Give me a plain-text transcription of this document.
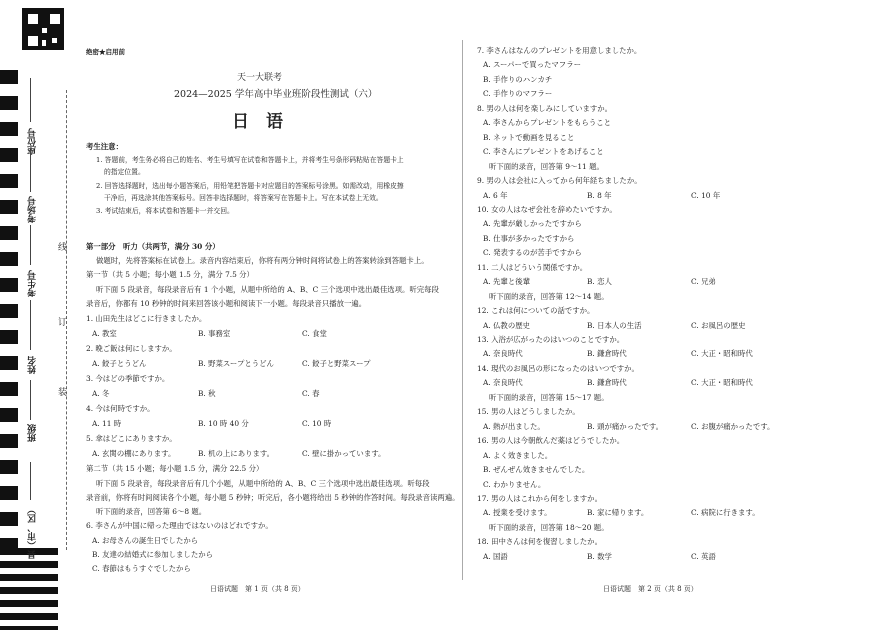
座位号
考场号
考生号
姓名
班级
县（市、区）
线
订
装
绝密★启用前
天一大联考
2024—2025 学年高中毕业班阶段性测试（六）
日　语
考生注意：
1. 答题前，考生务必将自己的姓名、考生号填写在试卷和答题卡上，并将考生号条形码粘贴在答题卡上
的指定位置。
2. 回答选择题时，选出每小题答案后，用铅笔把答题卡对应题目的答案标号涂黑。如需改动，用橡皮擦
干净后，再选涂其他答案标号。回答非选择题时，将答案写在答题卡上。写在本试卷上无效。
3. 考试结束后，将本试卷和答题卡一并交回。
第一部分　听力（共两节，满分 30 分）
做题时，先将答案标在试卷上。录音内容结束后，你将有两分钟时间将试卷上的答案转涂到答题卡上。
第一节（共 5 小题；每小题 1.5 分，满分 7.5 分）
听下面 5 段录音，每段录音后有 1 个小题，从题中所给的 A、B、C 三个选项中选出最佳选项。听完每段
录音后，你都有 10 秒钟的时间来回答该小题和阅读下一小题。每段录音只播放一遍。
1. 山田先生はどこに行きましたか。
A. 教室	B. 事務室	C. 食堂
2. 晩ご飯は何にしますか。
A. 餃子とうどん	B. 野菜スープとうどん	C. 餃子と野菜スープ
3. 今はどの季節ですか。
A. 冬	B. 秋	C. 春
4. 今は何時ですか。
A. 11 時	B. 10 時 40 分	C. 10 時
5. 傘はどこにありますか。
A. 玄関の棚にあります。	B. 机の上にあります。	C. 壁に掛かっています。
第二节（共 15 小题；每小题 1.5 分，满分 22.5 分）
听下面 5 段录音，每段录音后有几个小题，从题中所给的 A、B、C 三个选项中选出最佳选项。听每段
录音前，你将有时间阅读各个小题，每小题 5 秒钟；听完后，各小题将给出 5 秒钟的作答时间。每段录音读两遍。
听下面的录音，回答第 6～8 题。
6. 李さんが中国に帰った理由ではないのはどれですか。
A. お母さんの誕生日でしたから
B. 友達の結婚式に参加しましたから
C. 春節はもうすぐでしたから
日语试题　第 1 页（共 8 页）
7. 李さんはなんのプレゼントを用意しましたか。
A. スーパーで買ったマフラー
B. 手作りのハンカチ
C. 手作りのマフラー
8. 男の人は何を楽しみにしていますか。
A. 李さんからプレゼントをもらうこと
B. ネットで動画を見ること
C. 李さんにプレゼントをあげること
听下面的录音，回答第 9～11 题。
9. 男の人は会社に入ってから何年経ちましたか。
A. 6 年	B. 8 年	C. 10 年
10. 女の人はなぜ会社を辞めたいですか。
A. 先輩が厳しかったですから
B. 仕事が多かったですから
C. 発表するのが苦手ですから
11. 二人はどういう関係ですか。
A. 先輩と後輩	B. 恋人	C. 兄弟
听下面的录音，回答第 12～14 题。
12. これは何についての話ですか。
A. 仏教の歴史	B. 日本人の生活	C. お風呂の歴史
13. 入浴が広がったのはいつのことですか。
A. 奈良時代	B. 鎌倉時代	C. 大正・昭和時代
14. 現代のお風呂の形になったのはいつですか。
A. 奈良時代	B. 鎌倉時代	C. 大正・昭和時代
听下面的录音，回答第 15～17 题。
15. 男の人はどうしましたか。
A. 熱が出ました。	B. 頭が痛かったです。	C. お腹が痛かったです。
16. 男の人は今朝飲んだ薬はどうでしたか。
A. よく效きました。
B. ぜんぜん效きませんでした。
C. わかりません。
17. 男の人はこれから何をしますか。
A. 授業を受けます。	B. 家に帰ります。	C. 病院に行きます。
听下面的录音，回答第 18～20 题。
18. 田中さんは何を復習しましたか。
A. 国語	B. 数学	C. 英語
日语试题　第 2 页（共 8 页）
